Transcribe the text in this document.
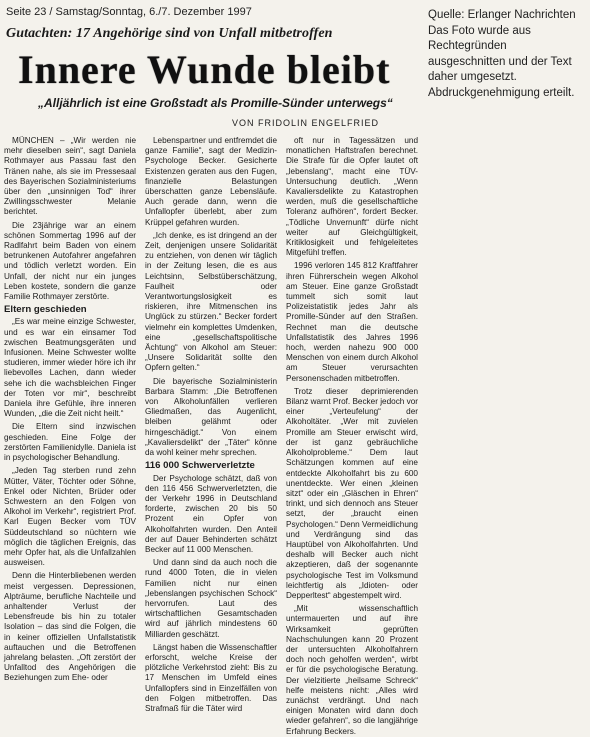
Seite 23 / Samstag/Sonntag, 6./7. Dezember 1997
Gutachten: 17 Angehörige sind von Unfall mitbetroffen
Innere Wunde bleibt
„Alljährlich ist eine Großstadt als Promille-Sünder unterwegs“
VON FRIDOLIN ENGELFRIED
Quelle: Erlanger Nachrichten Das Foto wurde aus Rechtegründen ausgeschnitten und der Text daher umgesetzt. Abdruckgenehmigung erteilt.

MÜNCHEN – „Wir werden nie mehr dieselben sein“, sagt Daniela Rothmayer aus Passau fast den Tränen nahe, als sie im Pressesaal des Bayerischen Sozialministeriums über den „unsinnigen Tod“ ihrer Zwillingsschwester Melanie berichtet.

Die 23jährige war an einem schönen Sommertag 1996 auf der Radlfahrt beim Baden von einem betrunkenen Autofahrer angefahren und tödlich verletzt worden. Ein Unfall, der nicht nur ein junges Leben kostete, sondern die ganze Familie Rothmayer zerstörte.

Eltern geschieden

„Es war meine einzige Schwester, und es war ein einsamer Tod zwischen Beatmungsgeräten und Infusionen. Meine Schwester wollte studieren, immer wieder höre ich ihr liebevolles Lachen, dann wieder sehe ich die wachsbleichen Finger der Toten vor mir“, beschreibt Daniela ihre Gefühle, ihre inneren Wunden, „die die Zeit nicht heilt.“

Die Eltern sind inzwischen geschieden. Eine Folge der zerstörten Familienidylle. Daniela ist in psychologischer Behandlung.

„Jeden Tag sterben rund zehn Mütter, Väter, Töchter oder Söhne, Enkel oder Nichten, Brüder oder Schwestern an den Folgen von Alkohol im Verkehr“, registriert Prof. Karl Eugen Becker vom TÜV Süddeutschland so nüchtern wie möglich die täglichen Ereignis, das mehr Opfer hat, als die Unfallzahlen ausweisen.

Denn die Hinterbliebenen werden meist vergessen. Depressionen, Alpträume, berufliche Nachteile und anhaltender Verlust der Lebensfreude bis hin zu totaler Isolation – das sind die Folgen, die in keiner offiziellen Unfallstatistik auftauchen und die Betroffenen jahrelang belasten. „Oft zerstört der Unfalltod des Angehörigen die Beziehungen zum Ehe- oder

Lebenspartner und entfremdet die ganze Familie“, sagt der Medizin-Psychologe Becker. Gesicherte Existenzen geraten aus den Fugen, finanzielle Belastungen überschatten ganze Lebensläufe. Auch gerade dann, wenn die Unfallopfer überlebt, aber zum Krüppel gefahren wurden.

„Ich denke, es ist dringend an der Zeit, denjenigen unsere Solidarität zu entziehen, von denen wir täglich in der Zeitung lesen, die es aus Leichtsinn, Selbstüberschätzung, Faulheit oder Verantwortungslosigkeit es riskieren, ihre Mitmenschen ins Unglück zu stürzen.“ Becker fordert vielmehr ein komplettes Umdenken, eine „gesellschaftspolitische Ächtung“ von Alkohol am Steuer: „Unsere Solidarität sollte den Opfern gelten.“

Die bayerische Sozialministerin Barbara Stamm: „Die Betroffenen von Alkoholunfällen verlieren Gliedmaßen, das Augenlicht, bleiben gelähmt oder hirngeschädigt.“ Von einem „Kavaliersdelikt“ der „Täter“ könne da wohl keiner mehr sprechen.

116 000 Schwerverletzte

Der Psychologe schätzt, daß von den 116 456 Schwerverletzten, die der Verkehr 1996 in Deutschland forderte, zwischen 20 bis 50 Prozent ein Opfer von Alkoholfahrten wurden. Den Anteil der auf Dauer Behinderten schätzt Becker auf 11 000 Menschen.

Und dann sind da auch noch die rund 4000 Toten, die in vielen Familien nicht nur einen „lebenslangen psychischen Schock“ hervorrufen. Laut des wirtschaftlichen Gesamtschaden wird auf jährlich mindestens 60 Milliarden geschätzt.

Längst haben die Wissenschaftler erforscht, welche Kreise der plötzliche Verkehrstod zieht: Bis zu 17 Menschen im Umfeld eines Unfallopfers sind in Einzelfällen von den Folgen mitbetroffen. Das Strafmaß für die Täter wird

oft nur in Tagessätzen und monatlichen Haftstrafen berechnet. Die Strafe für die Opfer lautet oft „lebenslang“, macht eine TÜV-Untersuchung deutlich. „Wenn Kavaliersdelikte zu Katastrophen werden, muß die gesellschaftliche Toleranz aufhören“, fordert Becker. „Tödliche Unvernunft“ dürfe nicht weiter auf Gleichgültigkeit, Kritiklosigkeit und fehlgeleitetes Mitgefühl treffen.

1996 verloren 145 812 Kraftfahrer ihren Führerschein wegen Alkohol am Steuer. Eine ganze Großstadt tummelt sich somit laut Polizeistatistik jedes Jahr als Promille-Sünder auf den Straßen. Rechnet man die deutsche Unfallstatistik des Jahres 1996 hoch, werden nahezu 900 000 Menschen von einem durch Alkohol am Steuer verursachten Personenschaden mitbetroffen.

Trotz dieser deprimierenden Bilanz warnt Prof. Becker jedoch vor einer „Verteufelung“ der Alkoholtäter. „Wer mit zuvielen Promille am Steuer erwischt wird, der ist ganz gebräuchliche Alkoholprobleme.“ Dem laut Schätzungen kommen auf eine entdeckte Alkoholfahrt bis zu 600 unentdeckte. Wer einen „kleinen sitzt“ oder ein „Gläschen in Ehren“ trinkt, und sich dennoch ans Steuer setzt, der „braucht einen Psychologen.“ Denn Vermeidlichung und Verdrängung sind das Hauptübel von Alkoholfahrten. Und deshalb will Becker auch nicht akzeptieren, daß der sogenannte psychologische Test im Volksmund leichtfertig als „Idioten- oder Depperltest“ abgestempelt wird.

„Mit wissenschaftlich untermauerten und auf ihre Wirksamkeit geprüften Nachschulungen kann 20 Prozent der untersuchten Alkoholfahrern doch noch geholfen werden“, wirbt er für die psychologische Beratung. Der vielzitierte „heilsame Schreck“ helfe meistens nicht: „Alles wird zunächst verdrängt. Und nach einigen Monaten wird dann doch wieder gefahren“, so die langjährige Erfahrung Beckers.
